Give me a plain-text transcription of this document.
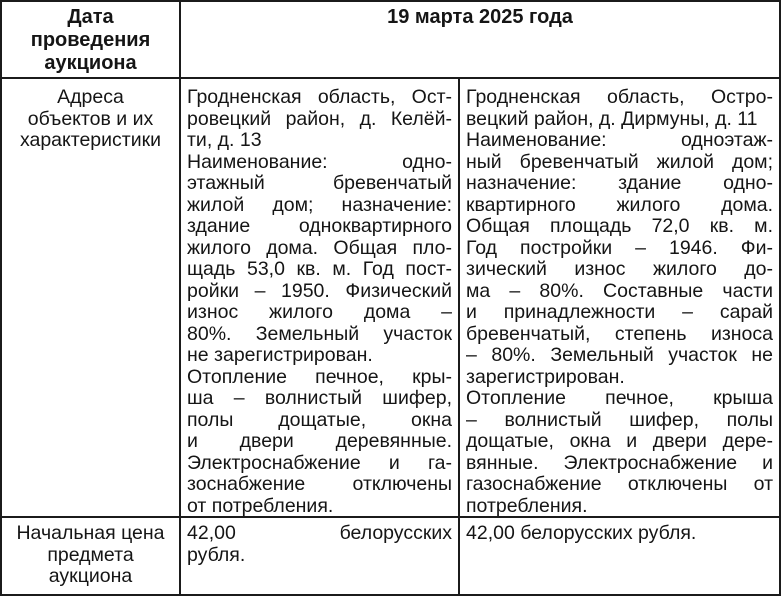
Дата
проведения
аукциона
19 марта 2025 года
Адреса
объектов и их
характеристики
Гродненская область, Ост-
ровецкий район, д. Келёй-
ти, д. 13
Наименование: одно-
этажный бревенчатый
жилой дом; назначение:
здание одноквартирного
жилого дома. Общая пло-
щадь 53,0 кв. м. Год пост-
ройки – 1950. Физический
износ жилого дома –
80%. Земельный участок
не зарегистрирован.
Отопление печное, кры-
ша – волнистый шифер,
полы дощатые, окна
и двери деревянные.
Электроснабжение и га-
зоснабжение отключены
от потребления.
Гродненская область, Остро-
вецкий район, д. Дирмуны, д. 11
Наименование: одноэтаж-
ный бревенчатый жилой дом;
назначение: здание одно-
квартирного жилого дома.
Общая площадь 72,0 кв. м.
Год постройки – 1946. Фи-
зический износ жилого до-
ма – 80%. Составные части
и принадлежности – сарай
бревенчатый, степень износа
– 80%. Земельный участок не
зарегистрирован.
Отопление печное, крыша
– волнистый шифер, полы
дощатые, окна и двери дере-
вянные. Электроснабжение и
газоснабжение отключены от
потребления.
Начальная цена
предмета
аукциона
42,00 белорусских
рубля.
42,00 белорусских рубля.
